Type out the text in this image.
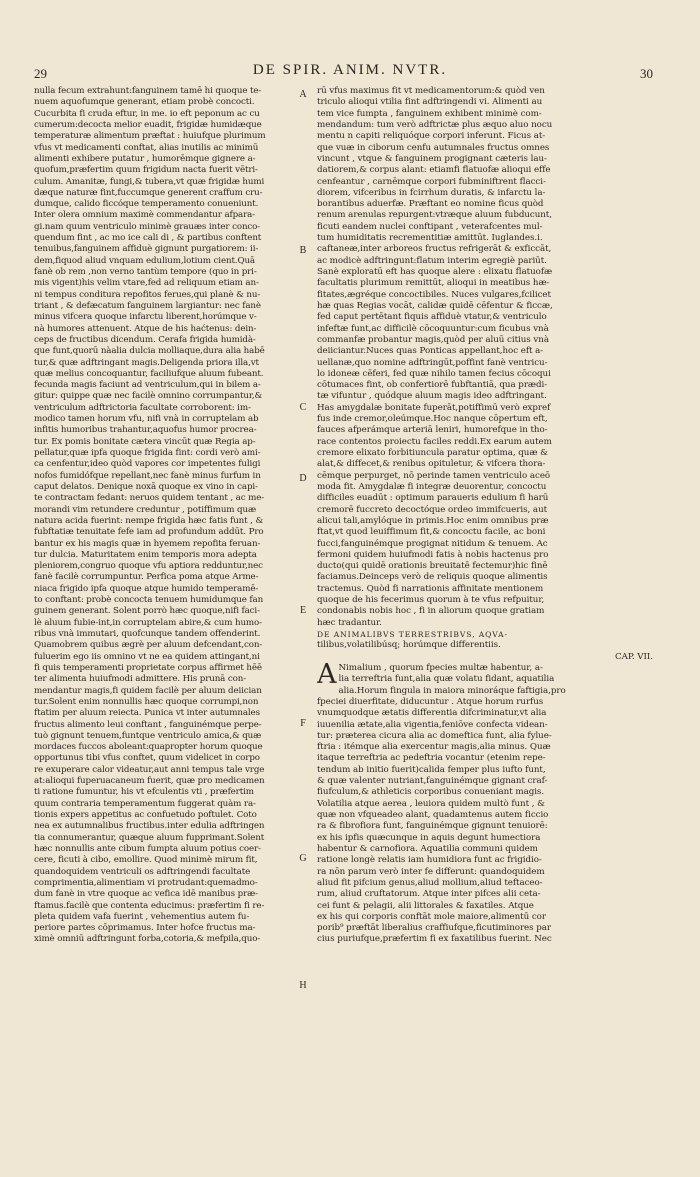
29	DE SPIR. ANIM. NVTR.	30
nulla fecum extrahunt:fanguinem tamē hi quoque te-
nuem aquofumque generant, etiam probè concocti.
Cucurbita fi cruda eftur, in me. io eft peponum ac cu
cumerum:decocta melior euadit, frigidæ humidæque
temperaturæ alimentum præftat : huiufque plurimum
vfus vt medicamenti conftat, alias inutilis ac minimū
alimenti exhibere putatur , humorēmque gignere a-
quofum,præfertim quum frigidum nacta fuerit vētri-
culum. Amanitæ, fungi,& tubera,vt quæ frigidæ humi
dæque naturæ fint,fuccumque generent craffum cru-
dumque, calido ficcóque temperamento conueniunt.
Inter olera omnium maximè commendantur afpara-
gi.nam quum ventriculo minimè grauæs inter conco-
quendum fint , ac mo ice cali di , & partibus conftent
tenuibus,fanguinem affiduè gignunt purgatiorem: ii-
dem,fiquod aliud vnquam edulium,lotium cient.Quā
fanè ob rem ,non verno tantùm tempore (quo in pri-
mis vigent)his velim vtare,fed ad reliquum etiam an-
ni tempus conditura repofitos ferues,qui planè & nu-
triant , & defæcatum fanguinem largiantur: nec fanè
minus vifcera quoque infarctu liberent,horúmque v-
nà humores attenuent. Atque de his haćtenus: dein-
ceps de fructibus dicendum. Cerafa frigida humidà-
que funt,quorū nàalia dulcia molliaque,dura alia habē
tur,& quæ adftringant magis.Deligenda priora illa,vt
quæ melius concoquantur, faciliufque aluum fubeant.
fecunda magis faciunt ad ventriculum,qui in bilem a-
gitur: quippe quæ nec facilè omnino corrumpantur,&
ventriculum adftrictoria facultate corroborent: im-
modico tamen horum vfu, nifi vnà in corruptelam ab
infitis humoribus trahantur,aquofus humor procrea-
tur. Ex pomis bonitate cætera vincūt quæ Regia ap-
pellatur,quæ ipfa quoque frigida fint: cordi verò ami-
ca cenfentur,ideo quòd vapores cor impetentes fuligi
nofos fumidófque repellant,nec fanè minus furfum in
caput delatos. Denique noxā quoque ex vino in capi-
te contractam fedant: neruos quidem tentant , ac me-
morandi vim retundere creduntur , potiffimum quæ
natura acida fuerint: nempe frigida hæc fatis funt , &
fubftatiæ tenuitate fefe iam ad profundum addūt. Pro
bantur ex his magis quæ in hyemem repofita feruan-
tur dulcia. Maturitatem enim temporis mora adepta
pleniorem,congruo quoque vfu aptiora redduntur,nec
fanè facilè corrumpuntur. Perfica poma atque Arme-
niaca frigido ipfa quoque atque humido temperamē-
to conftant: probè concocta tenuem humidumque fan
guinem generant. Solent porrò hæc quoque,nifi faci-
lè aluum fubie-int,in corruptelam abire,& cum humo-
ribus vnà immutari, quofcunque tandem offenderint.
Quamobrem quibus ægrè per aluum defcendant,con-
fuluerim ego iis omnino vt ne ea quidem attingant,ni
fi quis temperamenti proprietate corpus affirmet hēē
ter alimenta huiufmodi admittere. His prunā con-
mendantur magis,fi quidem facilè per aluum deiician
tur.Solent enim nonnullis hæc quoque corrumpi,non
ftatim per aluum reiecta. Punica vt inter autumnales
fructus alimento leui conftant , fanguinémque perpe-
tuò gignunt tenuem,funtque ventriculo amica,& quæ
mordaces fuccos aboleant:quapropter horum quoque
opportunus tibi vfus conftet, quum videlicet in corpo
re exuperare calor videatur,aut anni tempus tale vrge
at:alioqui fuperuacaneum fuerit, quæ pro medicamen
ti ratione fumuntur, his vt efculentis vti , præfertim
quum contraria temperamentum fuggerat quàm ra-
tionis expers appetitus ac confuetudo poftulet. Coto
nea ex autumnalibus fructibus.inter edulia adftringen
tia connumerantur, quæque aluum fupprimant.Solent
hæc nonnullis ante cibum fumpta aluum potius coer-
cere, ficuti à cibo, emollire. Quod minimè mirum fit,
quandoquidem ventriculi os adftringendi facultate
comprimentia,alimentiam vi protrudant:quemadmo-
dum fanè in vtre quoque ac vefica idē manibus præ-
ftamus.facilè que contenta educimus: præfertim fi re-
pleta quidem vafa fuerint , vehementius autem fu-
periore partes cōprimamus. Inter hofce fructus ma-
ximè omniū adftringunt forba,cotoria,& mefpila,quo-
A
B
C
D
E
F
G
H
rū vfus maximus fit vt medicamentorum:& quòd ven
triculo alioqui vtilia fint adftringendi vi. Alimenti au
tem vice fumpta , fanguinem exhibent minimè com-
mendandum: tum verò adftrictæ plus æquo aluo nocu
mentu n capiti reliquóque corpori inferunt. Ficus at-
que vuæ in ciborum cenfu autumnales fructus omnes
vincunt , vtque & fanguinem progignant cæteris lau-
datiorem,& corpus alant: etiamfi flatuofæ alioqui effe
cenfeantur , carnēmque corpori fubminiftrent flacci-
diorem, vifceribus in fcirrhum duratis, & infarctu la-
borantibus aduerfæ. Præftant eo nomine ficus quòd
renum arenulas repurgent:vtræque aluum fubducunt,
ficuti eandem nuclei conftipant , veterafcentes mul-
tum humiditatis recrementitiæ amittūt. Iuglandes.i.
caftaneæ,inter arboreos fructus refrigerāt & exficcāt,
ac modicè adftringunt:flatum interim egregiè pariūt.
Sanè exploratū eft has quoque alere : elixatu flatuofæ
facultatis plurimum remittūt, alioqui in meatibus hæ-
fitates,ægréque concoctibiles. Nuces vulgares,fcilicet
hæ quas Regias vocāt, calidæ quidē cēfentur & ficcæ,
fed caput pertētant fiquis affiduè vtatur,& ventriculo
infeftæ funt,ac difficilè cōcoquuntur:cum ficubus vnà
commanfæ probantur magis,quòd per aluū citius vnà
deiiciantur.Nuces quas Ponticas appellant,hoc eft a-
uellanæ,quo nomine adftringūt,poffint fanè ventricu-
lo idoneæ cēferi, fed quæ nihilo tamen fecius cōcoqui
cōtumaces fint, ob confertiorē fubftantiā, qua prædi-
tæ vifuntur , quódque aluum magis ideo adftringant.
Has amygdalæ bonitate fuperāt,potiffimū verò expref
fus inde cremor,oleúmque.Hoc nanque cōpertum eft,
fauces afperámque arteriā leniri, humorefque in tho-
race contentos proiectu faciles reddi.Ex earum autem
cremore elixato forbitiuncula paratur optima, quæ &
alat,& diffecet,& renibus opituletur, & vifcera thora-
cēmque perpurget, nō perinde tamen ventriculo aceō
moda fit. Amygdalæ fi integræ deuorentur, concoctu
difficiles euadūt : optimum paraueris edulium fi harū
cremorē fuccreto decoctóque ordeo immifcueris, aut
alicui tali,amylóque in primis.Hoc enim omnibus præ
ftat,vt quod leuiffimum fit,& concoctu facile, ac boni
fucci,fanguinémque progignat nitidum & tenuem. Ac
fermoni quidem huiufmodi fatis à nobis hactenus pro
ducto(qui quidē orationis breuitatē fectemur)hic finē
faciamus.Deinceps verò de reliquis quoque alimentis
tractemus. Quòd fi narrationis affinitate mentionem
quoque de his fecerimus quorum à te vfus refpuitur,
condonabis nobis hoc , fi in aliorum quoque gratiam
hæc tradantur.
DE ANIMALIBVS TERRESTRIBVS, AQVA-
tilibus,volatilibúsq; horúmque differentiis.
CAP. VII.
A Nimalium , quorum fpecies multæ habentur, a-
lia terreftria funt,alia quæ volatu fidant, aquatilia
alia.Horum fingula in maiora minoráque faftigia,pro
fpeciei diuerfitate, diducuntur . Atque horum rurfus
vnumquodque ætatis differentia difcriminatur,vt alia
iuuenilia ætate,alia vigentia,feniōve confecta videan-
tur: præterea cicura alia ac domeftica funt, alia fylue-
ftria : itémque alia exercentur magis,alia minus. Quæ
itaque terreftria ac pedeftria vocantur (etenim repe-
tendum ab initio fuerit)calida femper plus iufto funt,
& quæ valenter nutriant,fanguinémque gignant craf-
fiufculum,& athleticis corporibus conueniant magis.
Volatilia atque aerea , leuiora quidem multò funt , &
quæ non vfqueadeo alant, quadamtenus autem ficcio
ra & fibrofiora funt, fanguinémque gignunt tenuiorē:
ex his ipfis quæcunque in aquis degunt humectiora
habentur & carnofiora. Aquatilia communi quidem
ratione longè relatis iam humidiora funt ac frigidio-
ra nōn parum verò inter fe differunt: quandoquidem
aliud fit pifcium genus,aliud mollium,aliud teftaceo-
rum, aliud cruftatorum. Atque inter pifces alii ceta-
cei funt & pelagii, alii littorales & faxatiles. Atque
ex his qui corporis conftāt mole maiore,alimentū cor
porib⁹ præftāt liberalius craffiufque,ficutiminores par
cius puriufque,præfertim fi ex faxatilibus fuerint. Nec
